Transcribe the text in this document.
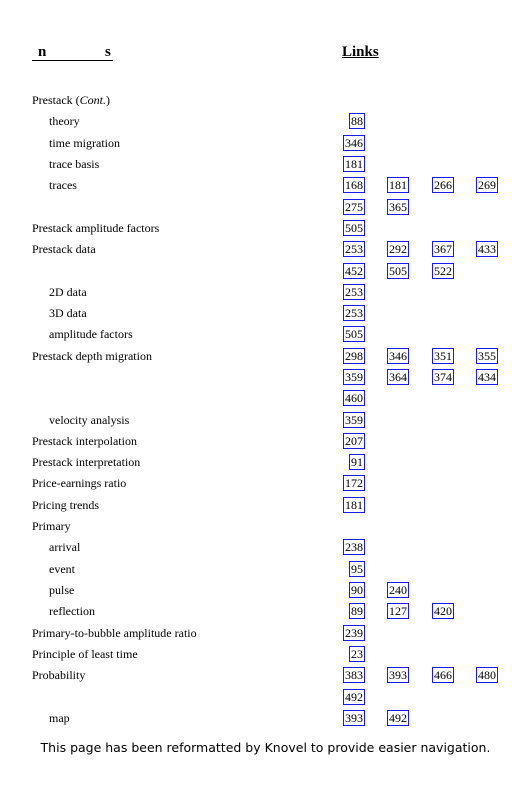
n	s	Links
Prestack (Cont.)
theory	88
time migration	346
trace basis	181
traces	168 181 266 269
275 365
Prestack amplitude factors	505
Prestack data	253 292 367 433
452 505 522
2D data	253
3D data	253
amplitude factors	505
Prestack depth migration	298 346 351 355
359 364 374 434
460
velocity analysis	359
Prestack interpolation	207
Prestack interpretation	91
Price-earnings ratio	172
Pricing trends	181
Primary
arrival	238
event	95
pulse	90 240
reflection	89 127 420
Primary-to-bubble amplitude ratio	239
Principle of least time	23
Probability	383 393 466 480
492
map	393 492
This page has been reformatted by Knovel to provide easier navigation.
